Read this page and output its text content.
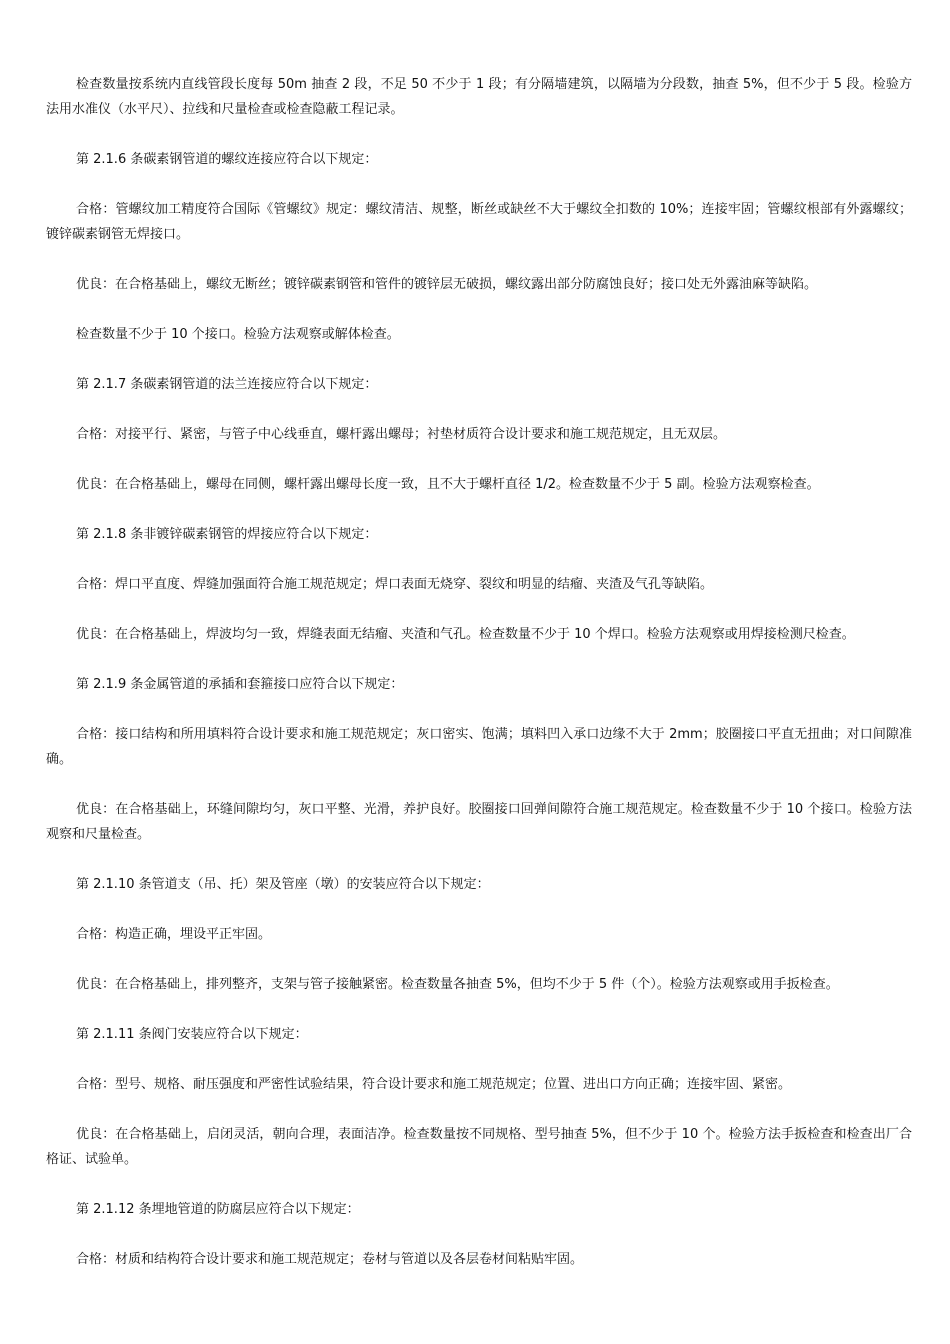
检查数量按系统内直线管段长度每 50m 抽查 2 段，不足 50 不少于 1 段；有分隔墙建筑，以隔墙为分段数，抽查 5%，但不少于 5 段。检验方法用水准仪（水平尺）、拉线和尺量检查或检查隐蔽工程记录。

第 2.1.6 条碳素钢管道的螺纹连接应符合以下规定：

合格：管螺纹加工精度符合国际《管螺纹》规定：螺纹清洁、规整，断丝或缺丝不大于螺纹全扣数的 10%；连接牢固；管螺纹根部有外露螺纹；镀锌碳素钢管无焊接口。

优良：在合格基础上，螺纹无断丝；镀锌碳素钢管和管件的镀锌层无破损，螺纹露出部分防腐蚀良好；接口处无外露油麻等缺陷。

检查数量不少于 10 个接口。检验方法观察或解体检查。

第 2.1.7 条碳素钢管道的法兰连接应符合以下规定：

合格：对接平行、紧密，与管子中心线垂直，螺杆露出螺母；衬垫材质符合设计要求和施工规范规定，且无双层。

优良：在合格基础上，螺母在同侧，螺杆露出螺母长度一致，且不大于螺杆直径 1/2。检查数量不少于 5 副。检验方法观察检查。

第 2.1.8 条非镀锌碳素钢管的焊接应符合以下规定：

合格：焊口平直度、焊缝加强面符合施工规范规定；焊口表面无烧穿、裂纹和明显的结瘤、夹渣及气孔等缺陷。

优良：在合格基础上，焊波均匀一致，焊缝表面无结瘤、夹渣和气孔。检查数量不少于 10 个焊口。检验方法观察或用焊接检测尺检查。

第 2.1.9 条金属管道的承插和套箍接口应符合以下规定：

合格：接口结构和所用填料符合设计要求和施工规范规定；灰口密实、饱满；填料凹入承口边缘不大于 2mm；胶圈接口平直无扭曲；对口间隙准确。

优良：在合格基础上，环缝间隙均匀，灰口平整、光滑，养护良好。胶圈接口回弹间隙符合施工规范规定。检查数量不少于 10 个接口。检验方法观察和尺量检查。

第 2.1.10 条管道支（吊、托）架及管座（墩）的安装应符合以下规定：

合格：构造正确，埋设平正牢固。

优良：在合格基础上，排列整齐，支架与管子接触紧密。检查数量各抽查 5%，但均不少于 5 件（个）。检验方法观察或用手扳检查。

第 2.1.11 条阀门安装应符合以下规定：

合格：型号、规格、耐压强度和严密性试验结果，符合设计要求和施工规范规定；位置、进出口方向正确；连接牢固、紧密。

优良：在合格基础上，启闭灵活，朝向合理，表面洁净。检查数量按不同规格、型号抽查 5%，但不少于 10 个。检验方法手扳检查和检查出厂合格证、试验单。

第 2.1.12 条埋地管道的防腐层应符合以下规定：

合格：材质和结构符合设计要求和施工规范规定；卷材与管道以及各层卷材间粘贴牢固。
